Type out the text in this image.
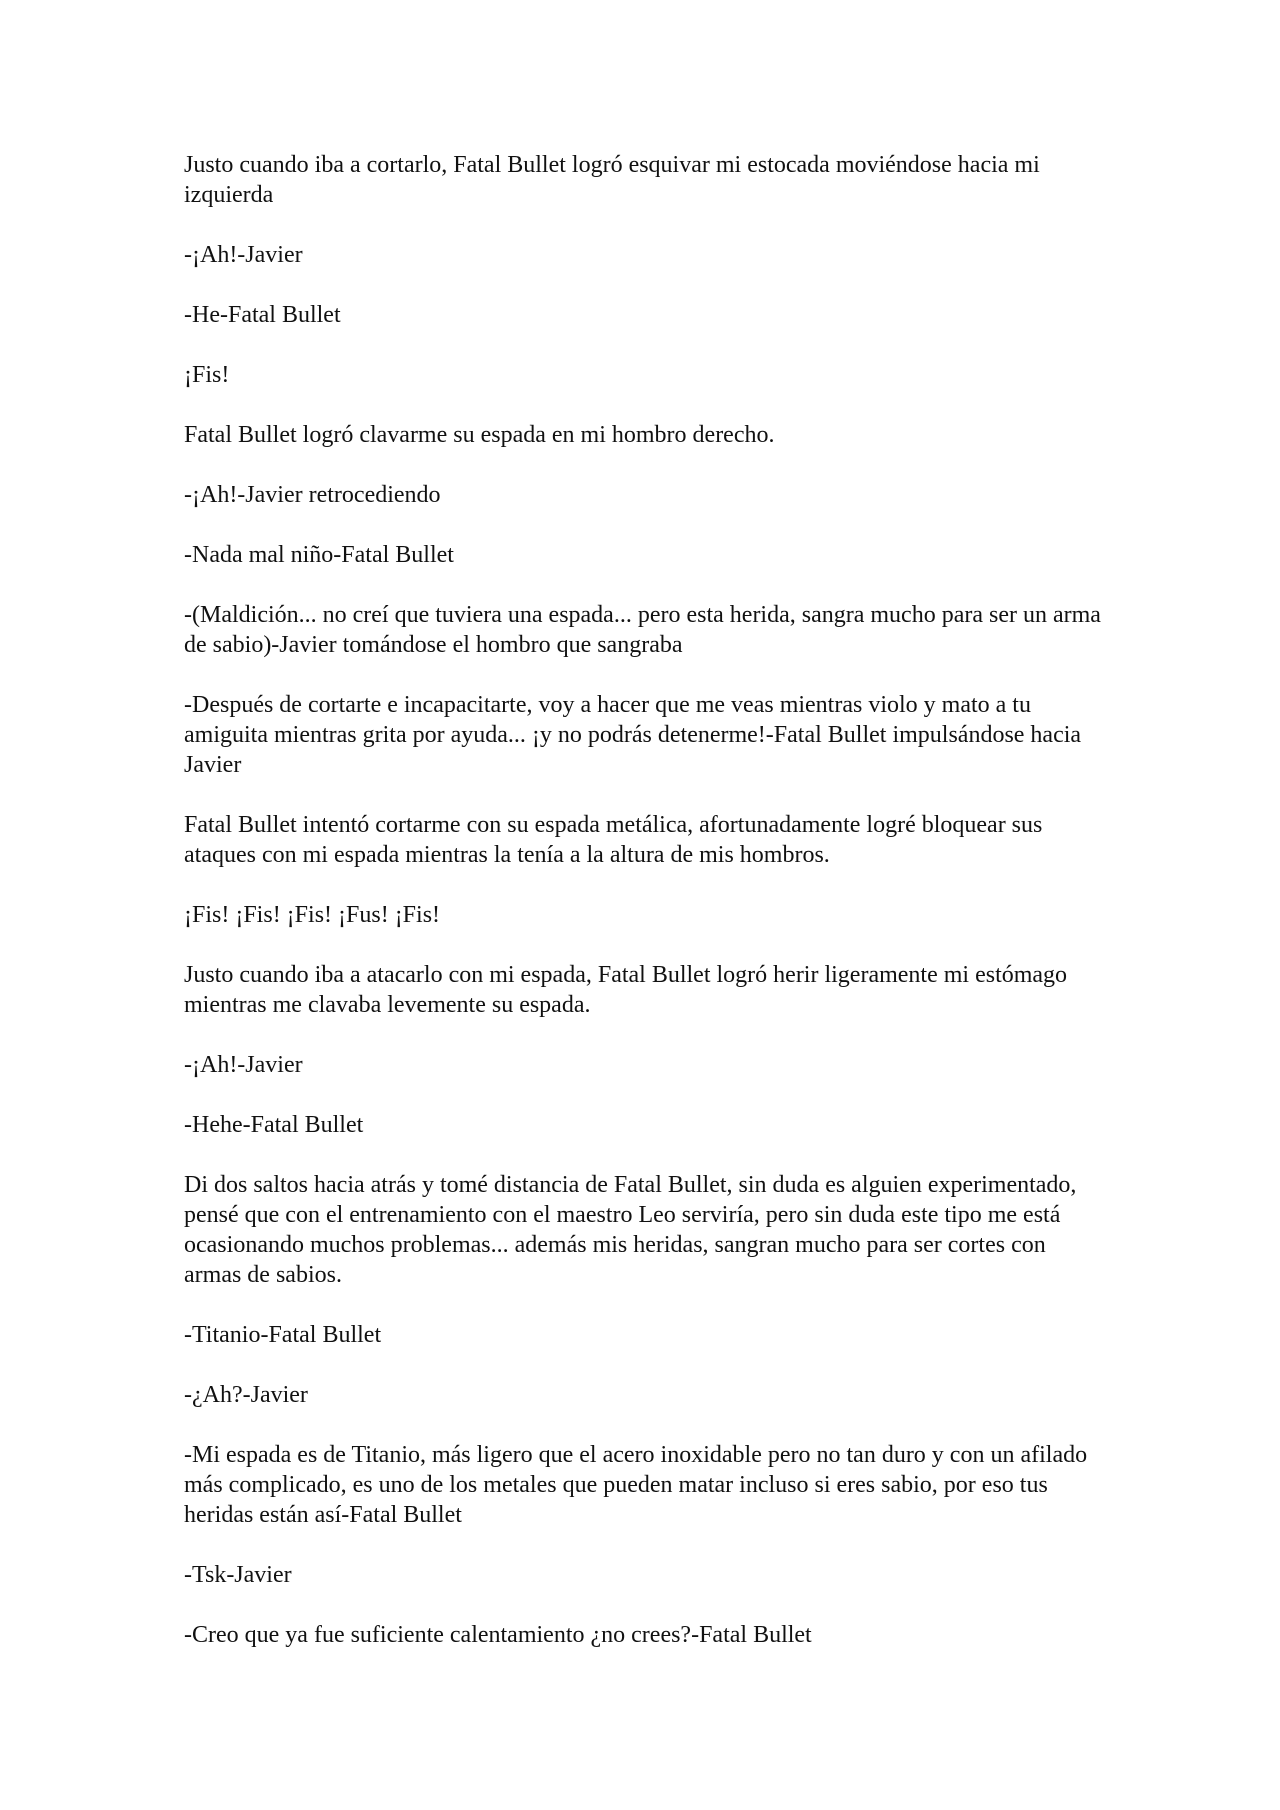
Justo cuando iba a cortarlo, Fatal Bullet logró esquivar mi estocada moviéndose hacia mi izquierda

-¡Ah!-Javier

-He-Fatal Bullet

¡Fis!

Fatal Bullet logró clavarme su espada en mi hombro derecho.

-¡Ah!-Javier retrocediendo

-Nada mal niño-Fatal Bullet

-(Maldición... no creí que tuviera una espada... pero esta herida, sangra mucho para ser un arma de sabio)-Javier tomándose el hombro que sangraba

-Después de cortarte e incapacitarte, voy a hacer que me veas mientras violo y mato a tu amiguita mientras grita por ayuda... ¡y no podrás detenerme!-Fatal Bullet impulsándose hacia Javier

Fatal Bullet intentó cortarme con su espada metálica, afortunadamente logré bloquear sus ataques con mi espada mientras la tenía a la altura de mis hombros.

¡Fis! ¡Fis! ¡Fis! ¡Fus! ¡Fis!

Justo cuando iba a atacarlo con mi espada, Fatal Bullet logró herir ligeramente mi estómago mientras me clavaba levemente su espada.

-¡Ah!-Javier

-Hehe-Fatal Bullet

Di dos saltos hacia atrás y tomé distancia de Fatal Bullet, sin duda es alguien experimentado, pensé que con el entrenamiento con el maestro Leo serviría, pero sin duda este tipo me está ocasionando muchos problemas... además mis heridas, sangran mucho para ser cortes con armas de sabios.

-Titanio-Fatal Bullet

-¿Ah?-Javier

-Mi espada es de Titanio, más ligero que el acero inoxidable pero no tan duro y con un afilado más complicado, es uno de los metales que pueden matar incluso si eres sabio, por eso tus heridas están así-Fatal Bullet

-Tsk-Javier

-Creo que ya fue suficiente calentamiento ¿no crees?-Fatal Bullet
